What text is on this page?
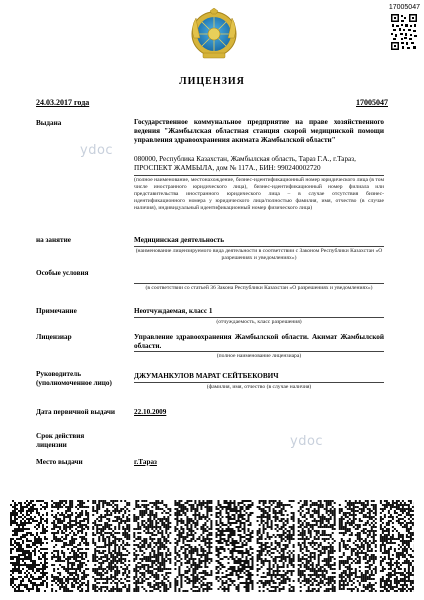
17005047
ЛИЦЕНЗИЯ
24.03.2017 года	17005047
Выдана	Государственное коммунальное предприятие на праве хозяйственного ведения "Жамбылская областная станция скорой медицинской помощи управления здравоохранения акимата Жамбылской области"
080000, Республика Казахстан, Жамбылская область, Тараз Г.А., г.Тараз,
ПРОСПЕКТ ЖАМБЫЛА, дом № 117А., БИН: 990240002720
(полное наименование, местонахождение, бизнес-идентификационный номер юридического лица (в том числе иностранного юридического лица), бизнес-идентификационный номер филиала или представительства иностранного юридического лица – в случае отсутствия бизнес-идентификационного номера у юридического лица/полностью фамилия, имя, отчество (в случае наличия), индивидуальный идентификационный номер физического лица)
на занятие	Медицинская деятельность
(наименование лицензируемого вида деятельности в соответствии с Законом Республики Казахстан «О разрешениях и уведомлениях»)
Особые условия
(в соответствии со статьей 36 Закона Республики Казахстан «О разрешениях и уведомлениях»)
Примечание	Неотчуждаемая, класс 1
(отчуждаемость, класс разрешения)
Лицензиар	Управление здравоохранения Жамбылской области. Акимат Жамбылской области.
(полное наименование лицензиара)
Руководитель
(уполномоченное лицо)
ДЖУМАНКУЛОВ МАРАТ СЕЙТБЕКОВИЧ
(фамилия, имя, отчество (в случае наличия)
Дата первичной выдачи	22.10.2009
Срок действия
лицензии
Место выдачи	г.Тараз
ydoc
ydoc
